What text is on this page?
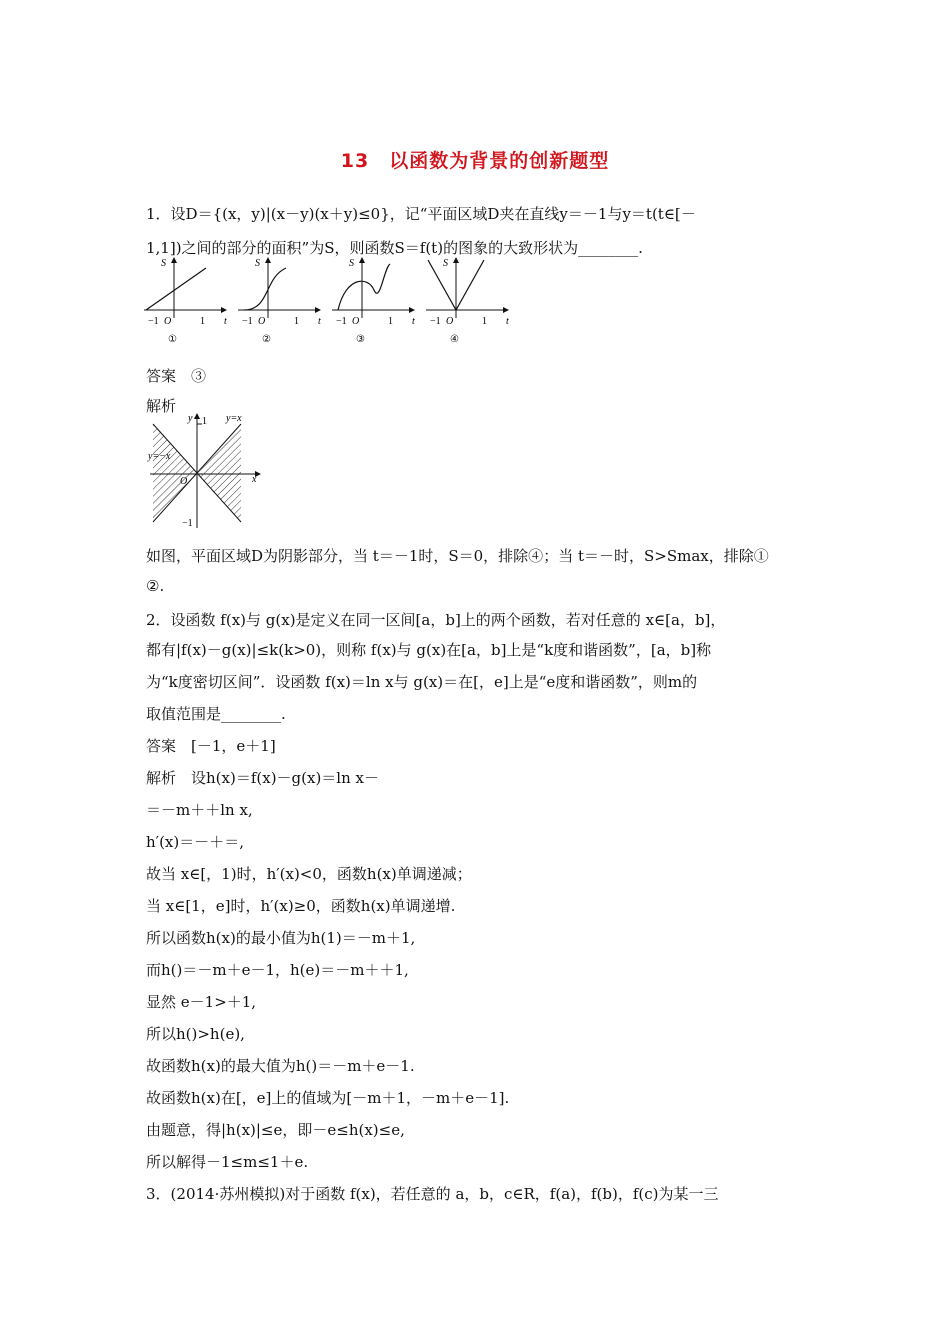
13　以函数为背景的创新题型
1．设D＝{(x，y)|(x－y)(x＋y)≤0}，记“平面区域D夹在直线y＝－1与y＝t(t∈[－
1,1])之间的部分的面积”为S，则函数S＝f(t)的图象的大致形状为________.
S
t
−1 O	1
①
S
t
−1 O	1
②
S
t
−1 O	1
③
S
t
−1 O	1
④
答案　③
解析
y 1 y=x
y=−x
O	x
−1
如图，平面区域D为阴影部分，当 t＝－1时，S＝0，排除④；当 t＝－时，S>Smax，排除①
②.
2．设函数 f(x)与 g(x)是定义在同一区间[a，b]上的两个函数，若对任意的 x∈[a，b]，
都有|f(x)－g(x)|≤k(k>0)，则称 f(x)与 g(x)在[a，b]上是“k度和谐函数”，[a，b]称
为“k度密切区间”．设函数 f(x)＝ln x与 g(x)＝在[，e]上是“e度和谐函数”，则m的
取值范围是________.
答案　[－1，e＋1]
解析　设h(x)＝f(x)－g(x)＝ln x－
＝－m＋＋ln x,
h′(x)＝－＋＝,
故当 x∈[，1)时，h′(x)<0，函数h(x)单调递减；
当 x∈[1，e]时，h′(x)≥0，函数h(x)单调递增.
所以函数h(x)的最小值为h(1)＝－m＋1,
而h()＝－m＋e－1，h(e)＝－m＋＋1,
显然 e－1>＋1,
所以h()>h(e),
故函数h(x)的最大值为h()＝－m＋e－1.
故函数h(x)在[，e]上的值域为[－m＋1，－m＋e－1].
由题意，得|h(x)|≤e，即－e≤h(x)≤e,
所以解得－1≤m≤1＋e.
3．(2014·苏州模拟)对于函数 f(x)，若任意的 a，b，c∈R，f(a)，f(b)，f(c)为某一三
